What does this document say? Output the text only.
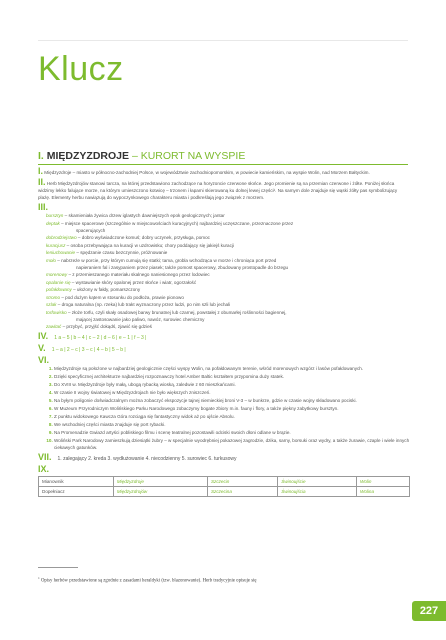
Klucz
I. MIĘDZYZDROJE – KURORT NA WYSPIE
I. Międzyzdroje – miasto w północno-zachodniej Polsce, w województwie zachodniopomorskim, w powiecie kamieńskim, na wyspie Wolin, nad Morzem Bałtyckim.
II. Herb Międzyzdrojów stanowi tarcza, na której przedstawiono zachodzące na horyzoncie czerwone słońce. Jego promienie są na przemian czerwone i żółte. Poniżej słońca widzimy lekko falujące morze, na którym umieszczono kotwicę – trzonem i łapami skierowaną ku dolnej lewej części¹. Na samym dole znajduje się wąski żółty pas symbolizujący plażę. Elementy herbu nawiązują do wypoczynkowego charakteru miasta i podkreślają jego związek z morzem.
III.
bursztyn – skamieniała żywica drzew iglastych dawniejszych epok geologicznych; jantar
deptak – miejsce spacerowe (szczególnie w miejscowościach kuracyjnych) najbardziej uczęszczane, przeznaczone przez
spacerujących
dobrodziejstwo – dobro wyświadczone komuś; dobry uczynek, przysługa, pomoc
kuracjusz – osoba przebywająca na kuracji w uzdrowisku; chory poddający się jakiejś kuracji
leniuchowanie – spędzanie czasu bezczynnie, próżnowanie
molo – nabrzeże w porcie, przy którym cumują się statki; tama, grobla wchodząca w morze i chroniąca port przed
napieraniem fal i zasypaniem przez piasek; także pomost spacerowy, zbudowany prostopadle do brzegu
morenowy – z przemieszanego materiału skalnego naniesionego przez lodowiec
opalanie się – wystawianie skóry opalonej przez słońce i wiatr, ogorzałość
pofałdowany – ułożony w fałdy, pomarszczony
stromo – pod dużym kątem w stosunku do podłoża, prawie pionowo
szlak – droga naturalna (np. rzeka) lub trakt wyznaczony przez ludzi, po nim szli lub jechali
torfowisko – złoże torfu, czyli skały osadowej barwy brunatnej lub czarnej, powstałej z obumarłej roślinności bagiennej,
mającej zastosowanie jako paliwo, nawóz, surowiec chemiczny
zawitać – przybyć, przyjść dokądś, zjawić się gdzieś
IV. 1 a – 5 | b – 4 | c – 2 | d – 6 | e – 1 | f – 3 |
V. 1 – a | 2 – c | 3 – c | 4 – b | 5 – b |
VI.
1. Międzyzdroje są położone w najbardziej geologicznie części wyspy Wolin, na pofałdowanym terenie, wśród morenowych wzgórz i lasów pofałdowanych.
2. Dzięki specyficznej architekturze najbardziej rozpoznawczy hotel Amber Baltic kształtem przypomina duży statek.
3. Do XVIII w. Międzyzdroje były małą, ubogą rybacką wioską, zaledwie z 60 mieszkańcami.
4. W czasie II wojny światowej w Międzyzdrojach nie było większych zniszczeń.
5. Na byłym poligonie doświadczalnym można zobaczyć ekspozycje tajnej niemieckiej broni V-3 – w bunkrze, gdzie w czasie wojny składowano pociski.
6. W Muzeum Przyrodniczym Wolińskiego Parku Narodowego zobaczymy bogate zbiory m.in. fauny i flory, a także piękny zabytkowy bursztyn.
7. Z punktu widokowego Kawcza Góra rozciąga się fantastyczny widok aż po ujście Absolu.
8. We wschodniej części miasta znajduje się port rybacki.
9. Na Promenadzie Gwiazd artyści pobliskiego filmu i scenę teatralnej pozostawili odciski swoich dłoni odlane w brązie.
10. Woliński Park Narodowy zamieszkują dziesiątki żubry – w specjalnie wyodrębniej pokazowej zagrodzie, dzika, sarny, borsuki oraz wydry, a także żurawie, czaple i wiele innych ciekawych gatunków.
VII. 1. zalegający 2. kreda 3. wydłużowanie 4. niecodzienny 5. surowiec 6. turkusowy
IX.
Mianownik	Międzyzdroje	Szczecin	Świnoujście	Wolin
Dopełniacz	Międzyzdrojów	Szczecina	Świnoujścia	Wolina
$^1$ Opisy herbów przedstawione są zgodnie z zasadami heraldyki (tzw. blazonowanie). Herb tradycyjnie opisuje się
227
